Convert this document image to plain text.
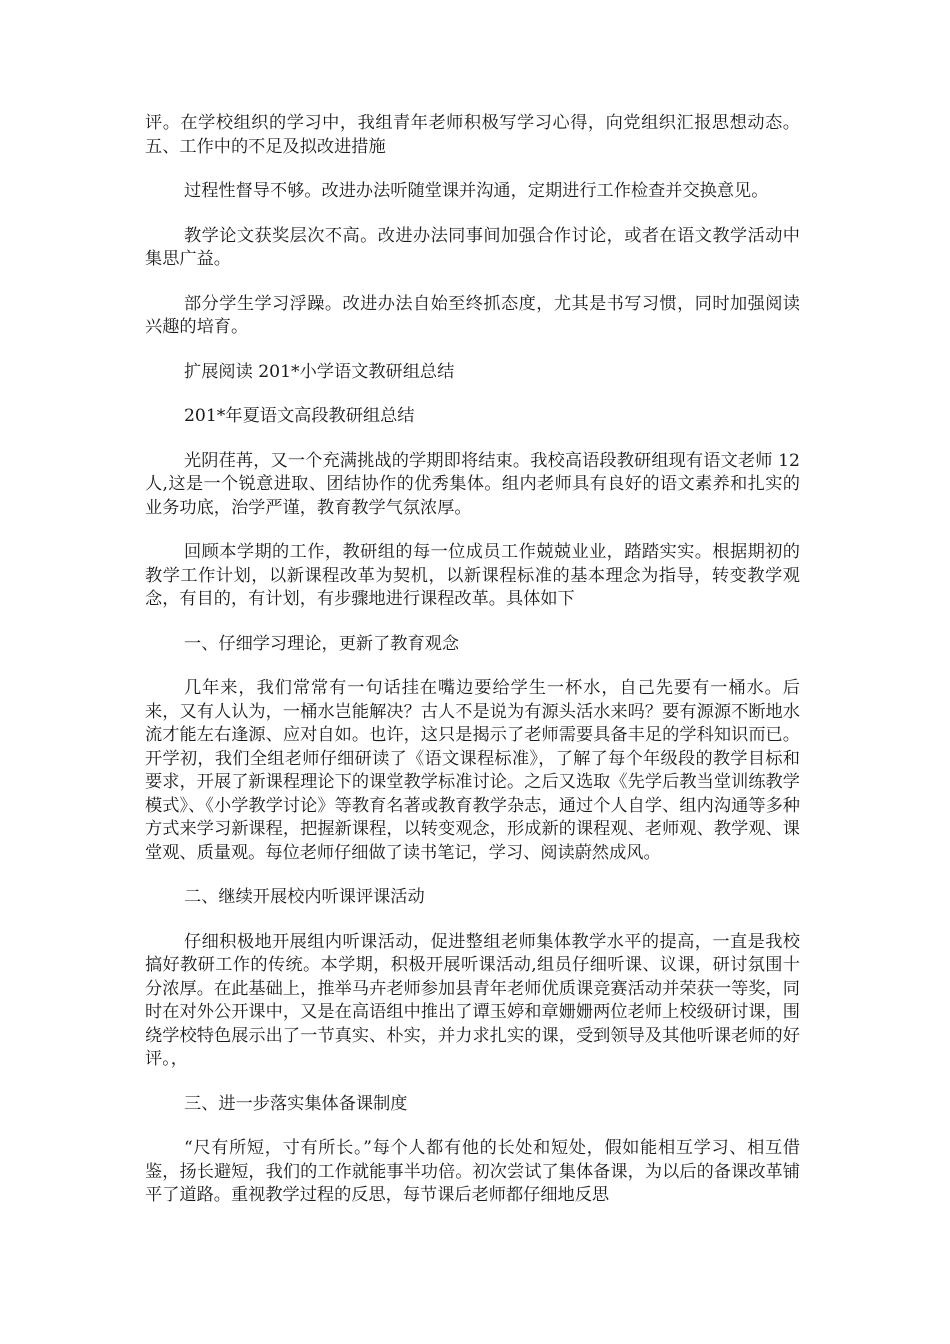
评。在学校组织的学习中，我组青年老师积极写学习心得，向党组织汇报思想动态。五、工作中的不足及拟改进措施

过程性督导不够。改进办法听随堂课并沟通，定期进行工作检查并交换意见。

教学论文获奖层次不高。改进办法同事间加强合作讨论，或者在语文教学活动中集思广益。

部分学生学习浮躁。改进办法自始至终抓态度，尤其是书写习惯，同时加强阅读兴趣的培育。

扩展阅读 201*小学语文教研组总结

201*年夏语文高段教研组总结

光阴荏苒，又一个充满挑战的学期即将结束。我校高语段教研组现有语文老师 12 人,这是一个锐意进取、团结协作的优秀集体。组内老师具有良好的语文素养和扎实的业务功底，治学严谨，教育教学气氛浓厚。

回顾本学期的工作，教研组的每一位成员工作兢兢业业，踏踏实实。根据期初的教学工作计划，以新课程改革为契机，以新课程标准的基本理念为指导，转变教学观念，有目的，有计划，有步骤地进行课程改革。具体如下

一、仔细学习理论，更新了教育观念

几年来，我们常常有一句话挂在嘴边要给学生一杯水，自己先要有一桶水。后来，又有人认为，一桶水岂能解决？古人不是说为有源头活水来吗？要有源源不断地水流才能左右逢源、应对自如。也许，这只是揭示了老师需要具备丰足的学科知识而已。开学初，我们全组老师仔细研读了《语文课程标准》，了解了每个年级段的教学目标和要求，开展了新课程理论下的课堂教学标准讨论。之后又选取《先学后教当堂训练教学模式》、《小学教学讨论》等教育名著或教育教学杂志，通过个人自学、组内沟通等多种方式来学习新课程，把握新课程，以转变观念，形成新的课程观、老师观、教学观、课堂观、质量观。每位老师仔细做了读书笔记，学习、阅读蔚然成风。

二、继续开展校内听课评课活动

仔细积极地开展组内听课活动，促进整组老师集体教学水平的提高，一直是我校搞好教研工作的传统。本学期，积极开展听课活动,组员仔细听课、议课，研讨氛围十分浓厚。在此基础上，推举马卉老师参加县青年老师优质课竞赛活动并荣获一等奖，同时在对外公开课中，又是在高语组中推出了谭玉婷和章姗姗两位老师上校级研讨课，围绕学校特色展示出了一节真实、朴实，并力求扎实的课，受到领导及其他听课老师的好评。，

三、进一步落实集体备课制度

“尺有所短，寸有所长。”每个人都有他的长处和短处，假如能相互学习、相互借鉴，扬长避短，我们的工作就能事半功倍。初次尝试了集体备课，为以后的备课改革铺平了道路。重视教学过程的反思，每节课后老师都仔细地反思
